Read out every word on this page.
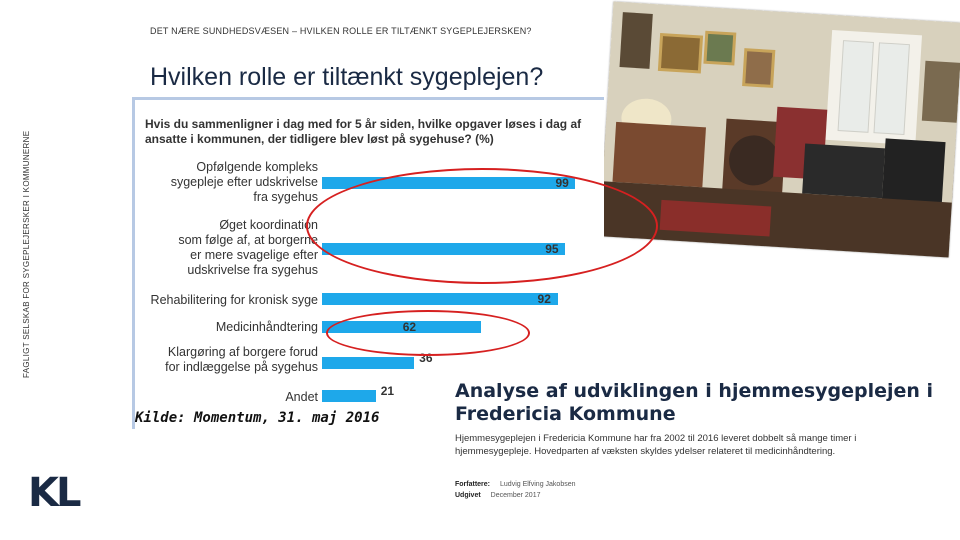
DET NÆRE SUNDHEDSVÆSEN – HVILKEN ROLLE ER TILTÆNKT SYGEPLEJERSKEN?
FAGLIGT SELSKAB FOR SYGEPLEJERSKER I KOMMUNERNE
Hvilken rolle er tiltænkt sygeplejen?
Hvis du sammenligner i dag med for 5 år siden, hvilke opgaver løses i dag af ansatte i kommunen, der tidligere blev løst på sygehuse? (%)
Opfølgende kompleks
sygepleje efter udskrivelse
fra sygehus
99
Øget koordination
som følge af, at borgerne
er mere svagelige efter
udskrivelse fra sygehus
95
Rehabilitering for kronisk syge	92
Medicinhåndtering	62
Klargøring af borgere forud
for indlæggelse på sygehus
36
Andet	21
Kilde: Momentum, 31. maj 2016
Analyse af udviklingen i hjemmesygeplejen i Fredericia Kommune
Hjemmesygeplejen i Fredericia Kommune har fra 2002 til 2016 leveret dobbelt så mange timer i hjemmesygepleje. Hovedparten af væksten skyldes ydelser relateret til medicinhåndtering.
Forfattere: Ludvig Elfving Jakobsen
Udgivet December 2017
KL
